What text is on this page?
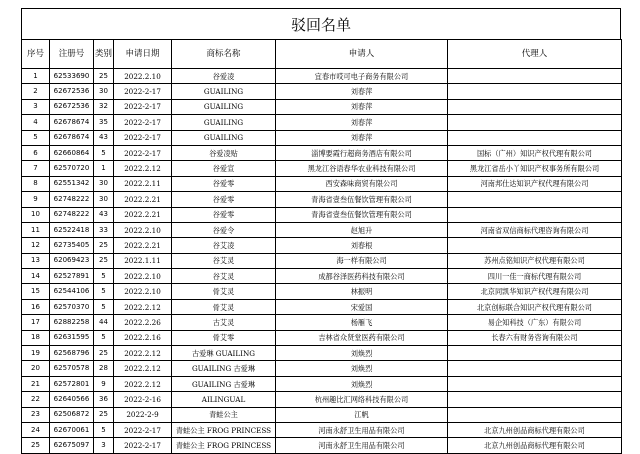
驳回名单
序号	注册号	类别	申请日期	商标名称	申请人	代理人
1	62533690	25	2022.2.10	谷爱凌	宜春市哎可电子商务有限公司	
2	62672536	30	2022-2-17	GUAILING	刘春萍	
3	62672536	32	2022-2-17	GUAILING	刘春萍	
4	62678674	35	2022-2-17	GUAILING	刘春萍	
5	62678674	43	2022-2-17	GUAILING	刘春萍	
6	62660864	5	2022-2-17	谷爱凌贴	淄博要霞行超商务酒店有限公司	国标（广州）知识产权代理有限公司
7	62570720	1	2022.2.12	谷爱宣	黑龙江谷语春华农业科技有限公司	黑龙江省岳小丫知识产权事务所有限公司
8	62551342	30	2022.2.11	谷爱零	西安森味商贸有限公司	河南邦仕达知识产权代理有限公司
9	62748222	30	2022.2.21	谷爱零	青海省壹叁伍餐饮管理有限公司	
10	62748222	43	2022.2.21	谷爱零	青海省壹叁伍餐饮管理有限公司	
11	62522418	33	2022.2.10	谷爱令	赵旭升	河南省双信商标代理咨询有限公司
12	62735405	25	2022.2.21	谷艾凌	刘春根	
13	62069423	25	2022.1.11	谷艾灵	海一样有限公司	苏州点铭知识产权代理有限公司
14	62527891	5	2022.2.10	谷艾灵	成都谷泽医药科技有限公司	四川一佳一商标代理有限公司
15	62544106	5	2022.2.10	骨艾灵	林振明	北京同凯华知识产权代理有限公司
16	62570370	5	2022.2.12	骨艾灵	宋爱国	北京创标联合知识产权代理有限公司
17	62882258	44	2022.2.26	古艾灵	杨雁飞	易企知科技（广东）有限公司
18	62631595	5	2022.2.16	骨艾零	吉林省众贤堂医药有限公司	长春六有财务咨询有限公司
19	62568796	25	2022.2.12	古爱琳 GUAILING	刘焕烈	
20	62570578	28	2022.2.12	GUAILING 古爱琳	刘焕烈	
21	62572801	9	2022.2.12	GUAILING 古爱琳	刘焕烈	
22	62640566	36	2022-2-16	AILINGUAL	杭州趣比汇网络科技有限公司	
23	62506872	25	2022-2-9	青蛙公主	江帆	
24	62670061	5	2022-2-17	青蛙公主 FROG PRINCESS	河南永舒卫生用品有限公司	北京九州创品商标代理有限公司
25	62675097	3	2022-2-17	青蛙公主 FROG PRINCESS	河南永舒卫生用品有限公司	北京九州创品商标代理有限公司
